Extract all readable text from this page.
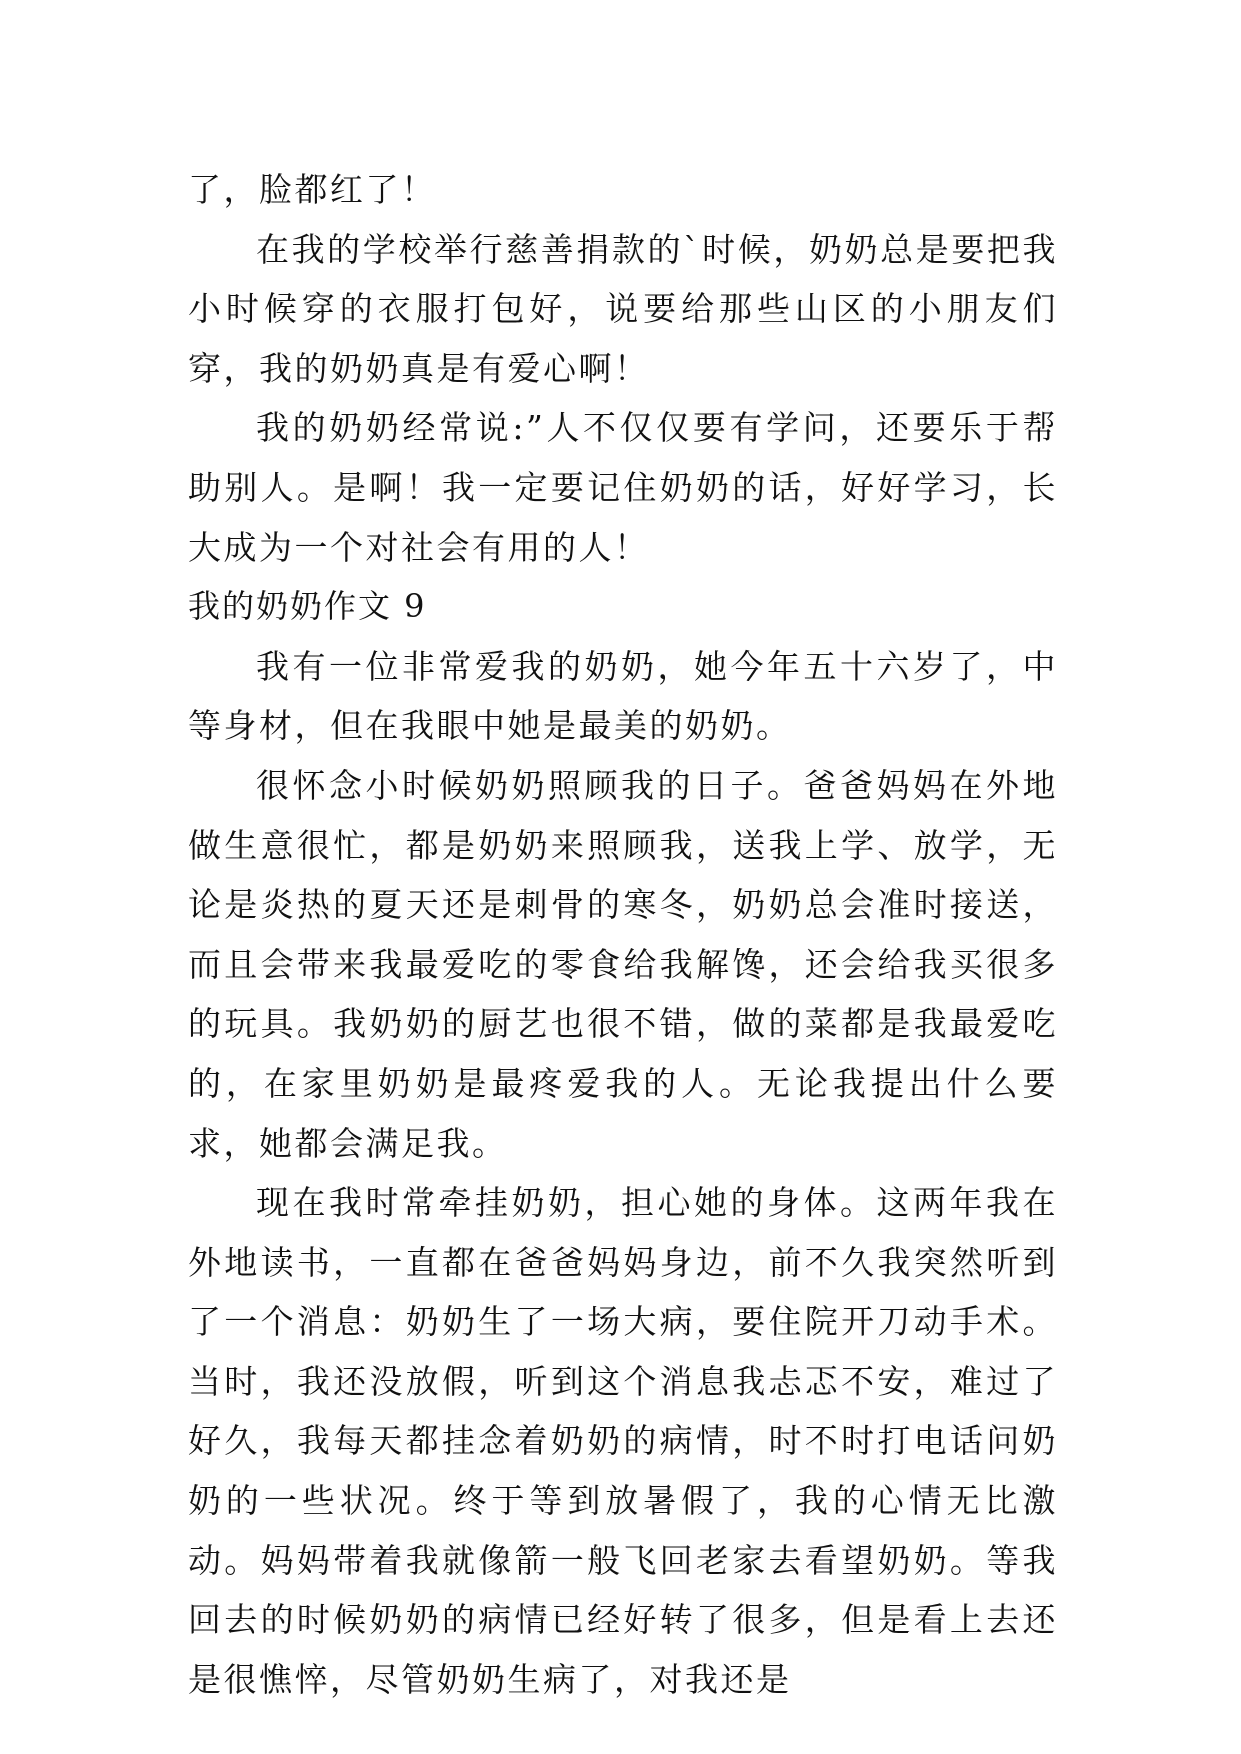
了，脸都红了！

在我的学校举行慈善捐款的`时候，奶奶总是要把我小时候穿的衣服打包好，说要给那些山区的小朋友们穿，我的奶奶真是有爱心啊！

我的奶奶经常说:”人不仅仅要有学问，还要乐于帮助别人。是啊！我一定要记住奶奶的话，好好学习，长大成为一个对社会有用的人！

我的奶奶作文 9

我有一位非常爱我的奶奶，她今年五十六岁了，中等身材，但在我眼中她是最美的奶奶。

很怀念小时候奶奶照顾我的日子。爸爸妈妈在外地做生意很忙，都是奶奶来照顾我，送我上学、放学，无论是炎热的夏天还是刺骨的寒冬，奶奶总会准时接送，而且会带来我最爱吃的零食给我解馋，还会给我买很多的玩具。我奶奶的厨艺也很不错，做的菜都是我最爱吃的，在家里奶奶是最疼爱我的人。无论我提出什么要求，她都会满足我。

现在我时常牵挂奶奶，担心她的身体。这两年我在外地读书，一直都在爸爸妈妈身边，前不久我突然听到了一个消息：奶奶生了一场大病，要住院开刀动手术。当时，我还没放假，听到这个消息我忐忑不安，难过了好久，我每天都挂念着奶奶的病情，时不时打电话问奶奶的一些状况。终于等到放暑假了，我的心情无比激动。妈妈带着我就像箭一般飞回老家去看望奶奶。等我回去的时候奶奶的病情已经好转了很多，但是看上去还是很憔悴，尽管奶奶生病了，对我还是
